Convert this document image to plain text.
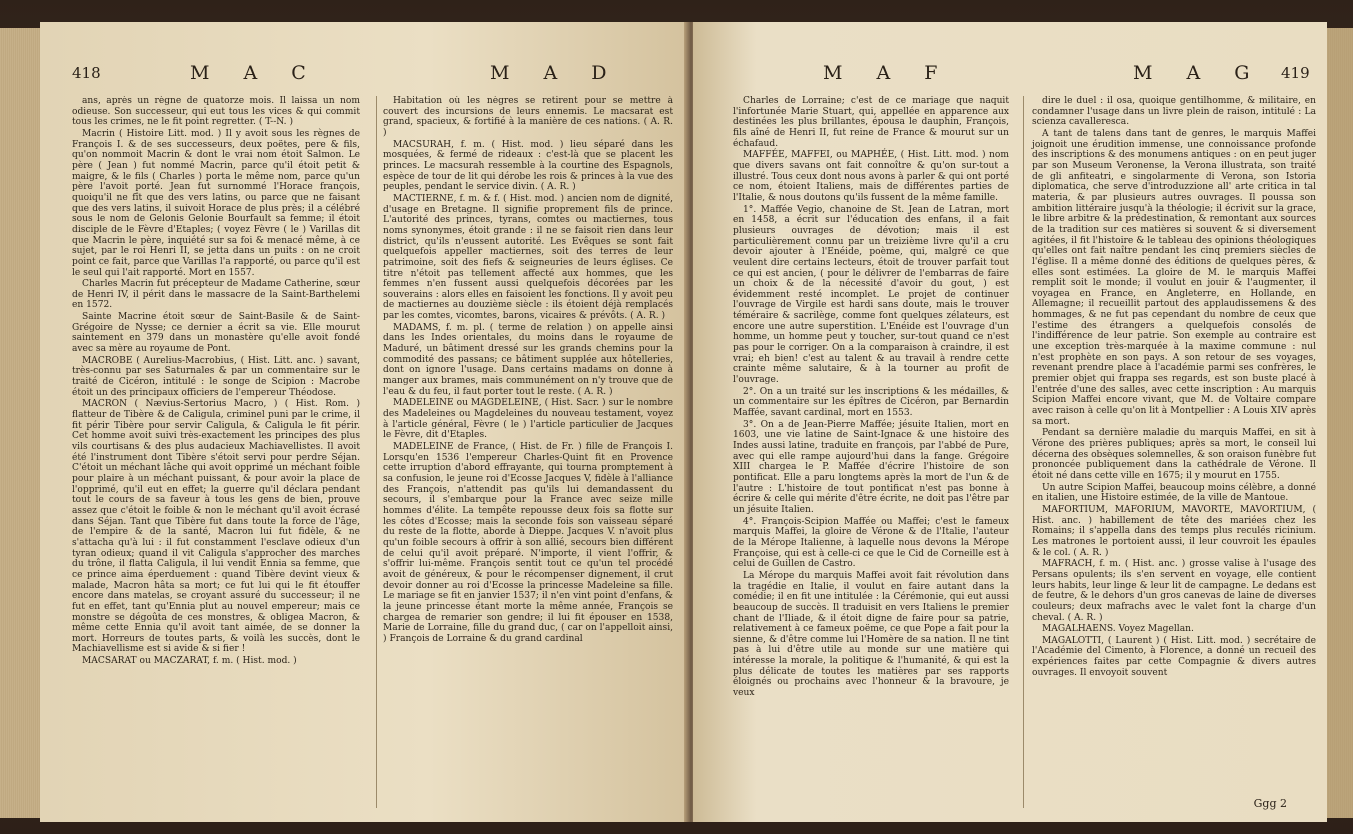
418	M A C	M A D

ans, après un règne de quatorze mois. Il laissa un nom odieuse. Son successeur, qui eut tous les vices & qui commit tous les crimes, ne le fit point regretter. ( T--N. )

Macrin ( Histoire Litt. mod. ) Il y avoit sous les règnes de François I. & de ses successeurs, deux poëtes, pere & fils, qu'on nommoit Macrin & dont le vrai nom étoit Salmon. Le père ( Jean ) fut nommé Macrin, parce qu'il étoit petit & maigre, & le fils ( Charles ) porta le même nom, parce qu'un père l'avoit porté. Jean fut surnommé l'Horace françois, quoiqu'il ne fît que des vers latins, ou parce que ne faisant que des vers latins, il suivoit Horace de plus près; il a célébré sous le nom de Gelonis Gelonie Bourfault sa femme; il étoit disciple de le Fèvre d'Etaples; ( voyez Fèvre ( le ) Varillas dit que Macrin le père, inquiété sur sa foi & menacé même, à ce sujet, par le roi Henri II, se jetta dans un puits : on ne croit point ce fait, parce que Varillas l'a rapporté, ou parce qu'il est le seul qui l'ait rapporté. Mort en 1557.

Charles Macrin fut précepteur de Madame Catherine, sœur de Henri IV, il périt dans le massacre de la Saint-Barthelemi en 1572.

Sainte Macrine étoit sœur de Saint-Basile & de Saint-Grégoire de Nysse; ce dernier a écrit sa vie. Elle mourut saintement en 379 dans un monastère qu'elle avoit fondé avec sa mère au royaume de Pont.

MACROBE ( Aurelius-Macrobius, ( Hist. Litt. anc. ) savant, très-connu par ses Saturnales & par un commentaire sur le traité de Cicéron, intitulé : le songe de Scipion : Macrobe étoit un des principaux officiers de l'empereur Théodose.

MACRON ( Nævius-Sertorius Macro, ) ( Hist. Rom. ) flatteur de Tibère & de Caligula, criminel puni par le crime, il fit périr Tibère pour servir Caligula, & Caligula le fit périr. Cet homme avoit suivi très-exactement les principes des plus vils courtisans & des plus audacieux Machiavellistes. Il avoit été l'instrument dont Tibère s'étoit servi pour perdre Séjan. C'étoit un méchant lâche qui avoit opprimé un méchant foible pour plaire à un méchant puissant, & pour avoir la place de l'opprimé, qu'il eut en effet; la guerre qu'il déclara pendant tout le cours de sa faveur à tous les gens de bien, prouve assez que c'étoit le foible & non le méchant qu'il avoit écrasé dans Séjan. Tant que Tibère fut dans toute la force de l'âge, de l'empire & de la santé, Macron lui fut fidèle, & ne s'attacha qu'à lui : il fut constamment l'esclave odieux d'un tyran odieux; quand il vit Caligula s'approcher des marches du trône, il flatta Caligula, il lui vendit Ennia sa femme, que ce prince aima éperduement : quand Tibère devint vieux & malade, Macron hâta sa mort; ce fut lui qui le fit étouffer encore dans matelas, se croyant assuré du successeur; il ne fut en effet, tant qu'Ennia plut au nouvel empereur; mais ce monstre se dégoûta de ces monstres, & obligea Macron, & même cette Ennia qu'il avoit tant aimée, de se donner la mort. Horreurs de toutes parts, & voilà les succès, dont le Machiavellisme est si avide & si fier !

MACSARAT ou MACZARAT, f. m. ( Hist. mod. )

Habitation où les nègres se retirent pour se mettre à couvert des incursions de leurs ennemis. Le macsarat est grand, spacieux, & fortifié à la manière de ces nations. ( A. R. )

MACSURAH, f. m. ( Hist. mod. ) lieu séparé dans les mosquées, & fermé de rideaux : c'est-là que se placent les princes. Le macsurah ressemble à la courtine des Espagnols, espèce de tour de lit qui dérobe les rois & princes à la vue des peuples, pendant le service divin. ( A. R. )

MACTIERNE, f. m. & f. ( Hist. mod. ) ancien nom de dignité, d'usage en Bretagne. Il signifie proprement fils de prince. L'autorité des princes, tyrans, comtes ou mactiernes, tous noms synonymes, étoit grande : il ne se faisoit rien dans leur district, qu'ils n'eussent autorité. Les Evêques se sont fait quelquefois appeller mactiernes, soit des terres de leur patrimoine, soit des fiefs & seigneuries de leurs églises. Ce titre n'étoit pas tellement affecté aux hommes, que les femmes n'en fussent aussi quelquefois décorées par les souverains : alors elles en faisoient les fonctions. Il y avoit peu de mactiernes au douzième siècle : ils étoient déjà remplacés par les comtes, vicomtes, barons, vicaires & prévôts. ( A. R. )

MADAMS, f. m. pl. ( terme de relation ) on appelle ainsi dans les Indes orientales, du moins dans le royaume de Maduré, un bâtiment dressé sur les grands chemins pour la commodité des passans; ce bâtiment supplée aux hôtelleries, dont on ignore l'usage. Dans certains madams on donne à manger aux brames, mais communément on n'y trouve que de l'eau & du feu, il faut porter tout le reste. ( A. R. )

MADELEINE ou MAGDELEINE, ( Hist. Sacr. ) sur le nombre des Madeleines ou Magdeleines du nouveau testament, voyez à l'article général, Fèvre ( le ) l'article particulier de Jacques le Fèvre, dit d'Etaples.

MADELEINE de France, ( Hist. de Fr. ) fille de François I. Lorsqu'en 1536 l'empereur Charles-Quint fit en Provence cette irruption d'abord effrayante, qui tourna promptement à sa confusion, le jeune roi d'Ecosse Jacques V, fidèle à l'alliance des François, n'attendit pas qu'ils lui demandassent du secours, il s'embarque pour la France avec seize mille hommes d'élite. La tempête repousse deux fois sa flotte sur les côtes d'Ecosse; mais la seconde fois son vaisseau séparé du reste de la flotte, aborde à Dieppe. Jacques V. n'avoit plus qu'un foible secours à offrir à son allié, secours bien différent de celui qu'il avoit préparé. N'importe, il vient l'offrir, & s'offrir lui-même. François sentit tout ce qu'un tel procédé avoit de généreux, & pour le récompenser dignement, il crut devoir donner au roi d'Ecosse la princesse Madeleine sa fille. Le mariage se fit en janvier 1537; il n'en vint point d'enfans, & la jeune princesse étant morte la même année, François se chargea de remarier son gendre; il lui fit épouser en 1538, Marie de Lorraine, fille du grand duc, ( car on l'appelloit ainsi, ) François de Lorraine & du grand cardinal

M A F	M A G 419

Charles de Lorraine; c'est de ce mariage que naquit l'infortunée Marie Stuart, qui, appellée en apparence aux destinées les plus brillantes, épousa le dauphin, François, fils aîné de Henri II, fut reine de France & mourut sur un échafaud.

MAFFÉE, MAFFEI, ou MAPHÉE, ( Hist. Litt. mod. ) nom que divers savans ont fait connoître & qu'on sur-tout a illustré. Tous ceux dont nous avons à parler & qui ont porté ce nom, étoient Italiens, mais de différentes parties de l'Italie, & nous doutons qu'ils fussent de la même famille.

1°. Maffée Vegio, chanoine de St. Jean de Latran, mort en 1458, a écrit sur l'éducation des enfans, il a fait plusieurs ouvrages de dévotion; mais il est particulièrement connu par un treizième livre qu'il a cru devoir ajouter à l'Enéide, poème, qui, malgré ce que veulent dire certains lecteurs, étoit de trouver parfait tout ce qui est ancien, ( pour le délivrer de l'embarras de faire un choix & de la nécessité d'avoir du gout, ) est évidemment resté incomplet. Le projet de continuer l'ouvrage de Virgile est hardi sans doute, mais le trouver téméraire & sacrilège, comme font quelques zélateurs, est encore une autre superstition. L'Enéide est l'ouvrage d'un homme, un homme peut y toucher, sur-tout quand ce n'est pas pour le corriger. On a la comparaison à craindre, il est vrai; eh bien! c'est au talent & au travail à rendre cette crainte même salutaire, & à la tourner au profit de l'ouvrage.

2°. On a un traité sur les inscriptions & les médailles, & un commentaire sur les épîtres de Cicéron, par Bernardin Maffée, savant cardinal, mort en 1553.

3°. On a de Jean-Pierre Maffée; jésuite Italien, mort en 1603, une vie latine de Saint-Ignace & une histoire des Indes aussi latine, traduite en françois, par l'abbé de Pure, avec qui elle rampe aujourd'hui dans la fange. Grégoire XIII chargea le P. Maffée d'écrire l'histoire de son pontificat. Elle a paru longtems après la mort de l'un & de l'autre : L'histoire de tout pontificat n'est pas bonne à écrire & celle qui mérite d'être écrite, ne doit pas l'être par un jésuite Italien.

4°. François-Scipion Maffée ou Maffei; c'est le fameux marquis Maffei, la gloire de Vérone & de l'Italie, l'auteur de la Mérope Italienne, à laquelle nous devons la Mérope Françoise, qui est à celle-ci ce que le Cid de Corneille est à celui de Guillen de Castro.

La Mérope du marquis Maffei avoit fait révolution dans la tragédie en Italie, il voulut en faire autant dans la comédie; il en fit une intitulée : la Cérémonie, qui eut aussi beaucoup de succès. Il traduisit en vers Italiens le premier chant de l'Iliade, & il étoit digne de faire pour sa patrie, relativement à ce fameux poëme, ce que Pope a fait pour la sienne, & d'être comme lui l'Homère de sa nation. Il ne tint pas à lui d'être utile au monde sur une matière qui intéresse la morale, la politique & l'humanité, & qui est la plus délicate de toutes les matières par ses rapports éloignés ou prochains avec l'honneur & la bravoure, je veux

dire le duel : il osa, quoique gentilhomme, & militaire, en condamner l'usage dans un livre plein de raison, intitulé : La scienza cavalleresca.

A tant de talens dans tant de genres, le marquis Maffei joignoit une érudition immense, une connoissance profonde des inscriptions & des monumens antiques : on en peut juger par son Museum Veronense, la Verona illustrata, son traité de gli anfiteatri, e singolarmente di Verona, son Istoria diplomatica, che serve d'introduzzione all' arte critica in tal materia, & par plusieurs autres ouvrages. Il poussa son ambition littéraire jusqu'à la théologie; il écrivit sur la grace, le libre arbitre & la prédestination, & remontant aux sources de la tradition sur ces matières si souvent & si diversement agitées, il fit l'histoire & le tableau des opinions théologiques qu'elles ont fait naître pendant les cinq premiers siècles de l'église. Il a même donné des éditions de quelques pères, & elles sont estimées. La gloire de M. le marquis Maffei remplit soit le monde; il voulut en jouir & l'augmenter, il voyagea en France, en Angleterre, en Hollande, en Allemagne; il recueillit partout des applaudissemens & des hommages, & ne fut pas cependant du nombre de ceux que l'estime des étrangers a quelquefois consolés de l'indifférence de leur patrie. Son exemple au contraire est une exception très-marquée à la maxime commune : nul n'est prophète en son pays. A son retour de ses voyages, revenant prendre place à l'académie parmi ses confrères, le premier objet qui frappa ses regards, est son buste placé à l'entrée d'une des salles, avec cette inscription : Au marquis Scipion Maffei encore vivant, que M. de Voltaire compare avec raison à celle qu'on lit à Montpellier : A Louis XIV après sa mort.

Pendant sa dernière maladie du marquis Maffei, en sit à Vérone des prières publiques; après sa mort, le conseil lui décerna des obsèques solemnelles, & son oraison funèbre fut prononcée publiquement dans la cathédrale de Vérone. Il étoit né dans cette ville en 1675; il y mourut en 1755.

Un autre Scipion Maffei, beaucoup moins célèbre, a donné en italien, une Histoire estimée, de la ville de Mantoue.

MAFORTIUM, MAFORIUM, MAVORTE, MAVORTIUM, ( Hist. anc. ) habillement de tête des mariées chez les Romains; il s'appella dans des temps plus reculés ricinium. Les matrones le portoient aussi, il leur couvroit les épaules & le col. ( A. R. )

MAFRACH, f. m. ( Hist. anc. ) grosse valise à l'usage des Persans opulents; ils s'en servent en voyage, elle contient leurs habits, leur linge & leur lit de campagne. Le dedans est de feutre, & le dehors d'un gros canevas de laine de diverses couleurs; deux mafrachs avec le valet font la charge d'un cheval. ( A. R. )

MAGALHAENS. Voyez Magellan.

MAGALOTTI, ( Laurent ) ( Hist. Litt. mod. ) secrétaire de l'Académie del Cimento, à Florence, a donné un recueil des expériences faites par cette Compagnie & divers autres ouvrages. Il envoyoit souvent

Ggg 2
